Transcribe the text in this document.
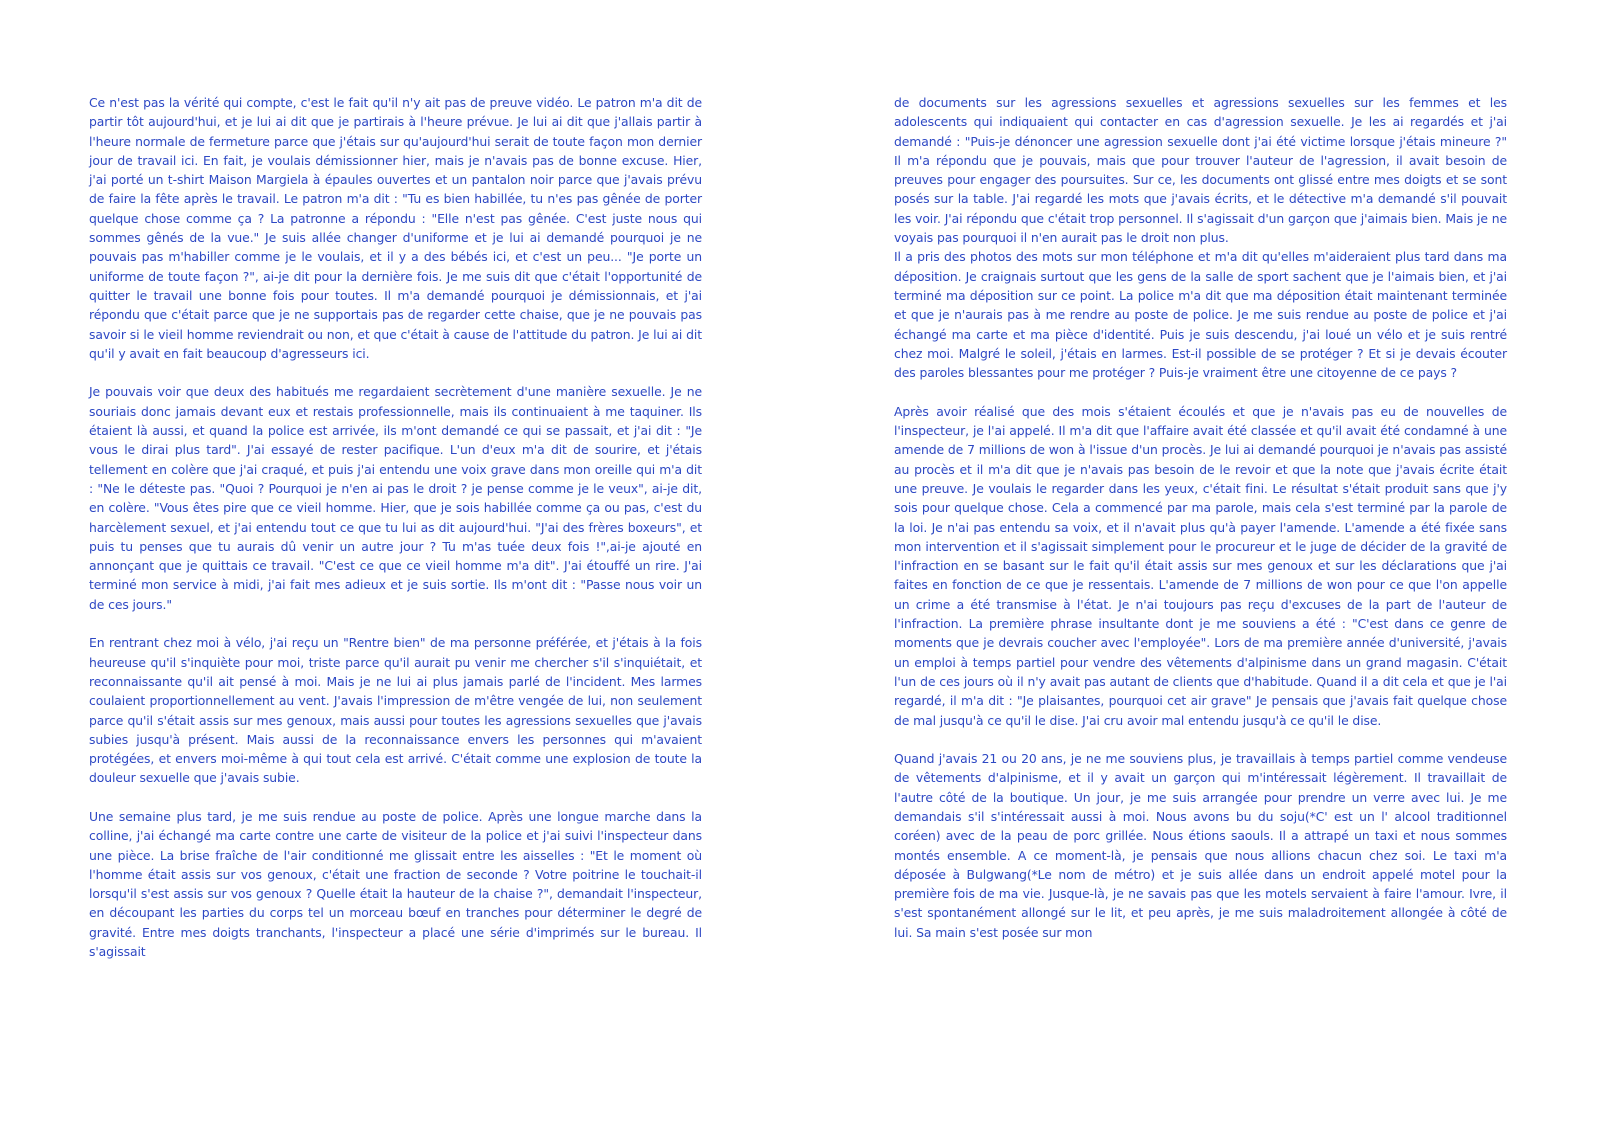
Ce n'est pas la vérité qui compte, c'est le fait qu'il n'y ait pas de preuve vidéo. Le patron m'a dit de partir tôt aujourd'hui, et je lui ai dit que je partirais à l'heure prévue. Je lui ai dit que j'allais partir à l'heure normale de fermeture parce que j'étais sur qu'aujourd'hui serait de toute façon mon dernier jour de travail ici. En fait, je voulais démissionner hier, mais je n'avais pas de bonne excuse. Hier, j'ai porté un t-shirt Maison Margiela à épaules ouvertes et un pantalon noir parce que j'avais prévu de faire la fête après le travail. Le patron m'a dit : "Tu es bien habillée, tu n'es pas gênée de porter quelque chose comme ça ? La patronne a répondu : "Elle n'est pas gênée. C'est juste nous qui sommes gênés de la vue." Je suis allée changer d'uniforme et je lui ai demandé pourquoi je ne pouvais pas m'habiller comme je le voulais, et il y a des bébés ici, et c'est un peu... "Je porte un uniforme de toute façon ?", ai-je dit pour la dernière fois. Je me suis dit que c'était l'opportunité de quitter le travail une bonne fois pour toutes. Il m'a demandé pourquoi je démissionnais, et j'ai répondu que c'était parce que je ne supportais pas de regarder cette chaise, que je ne pouvais pas savoir si le vieil homme reviendrait ou non, et que c'était à cause de l'attitude du patron. Je lui ai dit qu'il y avait en fait beaucoup d'agresseurs ici.

Je pouvais voir que deux des habitués me regardaient secrètement d'une manière sexuelle. Je ne souriais donc jamais devant eux et restais professionnelle, mais ils continuaient à me taquiner. Ils étaient là aussi, et quand la police est arrivée, ils m'ont demandé ce qui se passait, et j'ai dit : "Je vous le dirai plus tard". J'ai essayé de rester pacifique. L'un d'eux m'a dit de sourire, et j'étais tellement en colère que j'ai craqué, et puis j'ai entendu une voix grave dans mon oreille qui m'a dit : "Ne le déteste pas. "Quoi ? Pourquoi je n'en ai pas le droit ? je pense comme je le veux", ai-je dit, en colère. "Vous êtes pire que ce vieil homme. Hier, que je sois habillée comme ça ou pas, c'est du harcèlement sexuel, et j'ai entendu tout ce que tu lui as dit aujourd'hui. "J'ai des frères boxeurs", et puis tu penses que tu aurais dû venir un autre jour ? Tu m'as tuée deux fois !",ai-je ajouté en annonçant que je quittais ce travail. "C'est ce que ce vieil homme m'a dit". J'ai étouffé un rire. J'ai terminé mon service à midi, j'ai fait mes adieux et je suis sortie. Ils m'ont dit : "Passe nous voir un de ces jours."

En rentrant chez moi à vélo, j'ai reçu un "Rentre bien" de ma personne préférée, et j'étais à la fois heureuse qu'il s'inquiète pour moi, triste parce qu'il aurait pu venir me chercher s'il s'inquiétait, et reconnaissante qu'il ait pensé à moi. Mais je ne lui ai plus jamais parlé de l'incident. Mes larmes coulaient proportionnellement au vent. J'avais l'impression de m'être vengée de lui, non seulement parce qu'il s'était assis sur mes genoux, mais aussi pour toutes les agressions sexuelles que j'avais subies jusqu'à présent. Mais aussi de la reconnaissance envers les personnes qui m'avaient protégées, et envers moi-même à qui tout cela est arrivé. C'était comme une explosion de toute la douleur sexuelle que j'avais subie.

Une semaine plus tard, je me suis rendue au poste de police. Après une longue marche dans la colline, j'ai échangé ma carte contre une carte de visiteur de la police et j'ai suivi l'inspecteur dans une pièce. La brise fraîche de l'air conditionné me glissait entre les aisselles : "Et le moment où l'homme était assis sur vos genoux, c'était une fraction de seconde ? Votre poitrine le touchait-il lorsqu'il s'est assis sur vos genoux ? Quelle était la hauteur de la chaise ?", demandait l'inspecteur, en découpant les parties du corps tel un morceau bœuf en tranches pour déterminer le degré de gravité. Entre mes doigts tranchants, l'inspecteur a placé une série d'imprimés sur le bureau. Il s'agissait

de documents sur les agressions sexuelles et agressions sexuelles sur les femmes et les adolescents qui indiquaient qui contacter en cas d'agression sexuelle. Je les ai regardés et j'ai demandé : "Puis-je dénoncer une agression sexuelle dont j'ai été victime lorsque j'étais mineure ?" Il m'a répondu que je pouvais, mais que pour trouver l'auteur de l'agression, il avait besoin de preuves pour engager des poursuites. Sur ce, les documents ont glissé entre mes doigts et se sont posés sur la table. J'ai regardé les mots que j'avais écrits, et le détective m'a demandé s'il pouvait les voir. J'ai répondu que c'était trop personnel. Il s'agissait d'un garçon que j'aimais bien. Mais je ne voyais pas pourquoi il n'en aurait pas le droit non plus.

Il a pris des photos des mots sur mon téléphone et m'a dit qu'elles m'aideraient plus tard dans ma déposition. Je craignais surtout que les gens de la salle de sport sachent que je l'aimais bien, et j'ai terminé ma déposition sur ce point. La police m'a dit que ma déposition était maintenant terminée et que je n'aurais pas à me rendre au poste de police. Je me suis rendue au poste de police et j'ai échangé ma carte et ma pièce d'identité. Puis je suis descendu, j'ai loué un vélo et je suis rentré chez moi. Malgré le soleil, j'étais en larmes. Est-il possible de se protéger ? Et si je devais écouter des paroles blessantes pour me protéger ? Puis-je vraiment être une citoyenne de ce pays ?

Après avoir réalisé que des mois s'étaient écoulés et que je n'avais pas eu de nouvelles de l'inspecteur, je l'ai appelé. Il m'a dit que l'affaire avait été classée et qu'il avait été condamné à une amende de 7 millions de won à l'issue d'un procès. Je lui ai demandé pourquoi je n'avais pas assisté au procès et il m'a dit que je n'avais pas besoin de le revoir et que la note que j'avais écrite était une preuve. Je voulais le regarder dans les yeux, c'était fini. Le résultat s'était produit sans que j'y sois pour quelque chose. Cela a commencé par ma parole, mais cela s'est terminé par la parole de la loi. Je n'ai pas entendu sa voix, et il n'avait plus qu'à payer l'amende. L'amende a été fixée sans mon intervention et il s'agissait simplement pour le procureur et le juge de décider de la gravité de l'infraction en se basant sur le fait qu'il était assis sur mes genoux et sur les déclarations que j'ai faites en fonction de ce que je ressentais. L'amende de 7 millions de won pour ce que l'on appelle un crime a été transmise à l'état. Je n'ai toujours pas reçu d'excuses de la part de l'auteur de l'infraction. La première phrase insultante dont je me souviens a été : "C'est dans ce genre de moments que je devrais coucher avec l'employée". Lors de ma première année d'université, j'avais un emploi à temps partiel pour vendre des vêtements d'alpinisme dans un grand magasin. C'était l'un de ces jours où il n'y avait pas autant de clients que d'habitude. Quand il a dit cela et que je l'ai regardé, il m'a dit : "Je plaisantes, pourquoi cet air grave" Je pensais que j'avais fait quelque chose de mal jusqu'à ce qu'il le dise. J'ai cru avoir mal entendu jusqu'à ce qu'il le dise.

Quand j'avais 21 ou 20 ans, je ne me souviens plus, je travaillais à temps partiel comme vendeuse de vêtements d'alpinisme, et il y avait un garçon qui m'intéressait légèrement. Il travaillait de l'autre côté de la boutique. Un jour, je me suis arrangée pour prendre un verre avec lui. Je me demandais s'il s'intéressait aussi à moi. Nous avons bu du soju(*C' est un l' alcool traditionnel coréen) avec de la peau de porc grillée. Nous étions saouls. Il a attrapé un taxi et nous sommes montés ensemble. A ce moment-là, je pensais que nous allions chacun chez soi. Le taxi m'a déposée à Bulgwang(*Le nom de métro) et je suis allée dans un endroit appelé motel pour la première fois de ma vie. Jusque-là, je ne savais pas que les motels servaient à faire l'amour. Ivre, il s'est spontanément allongé sur le lit, et peu après, je me suis maladroitement allongée à côté de lui. Sa main s'est posée sur mon
